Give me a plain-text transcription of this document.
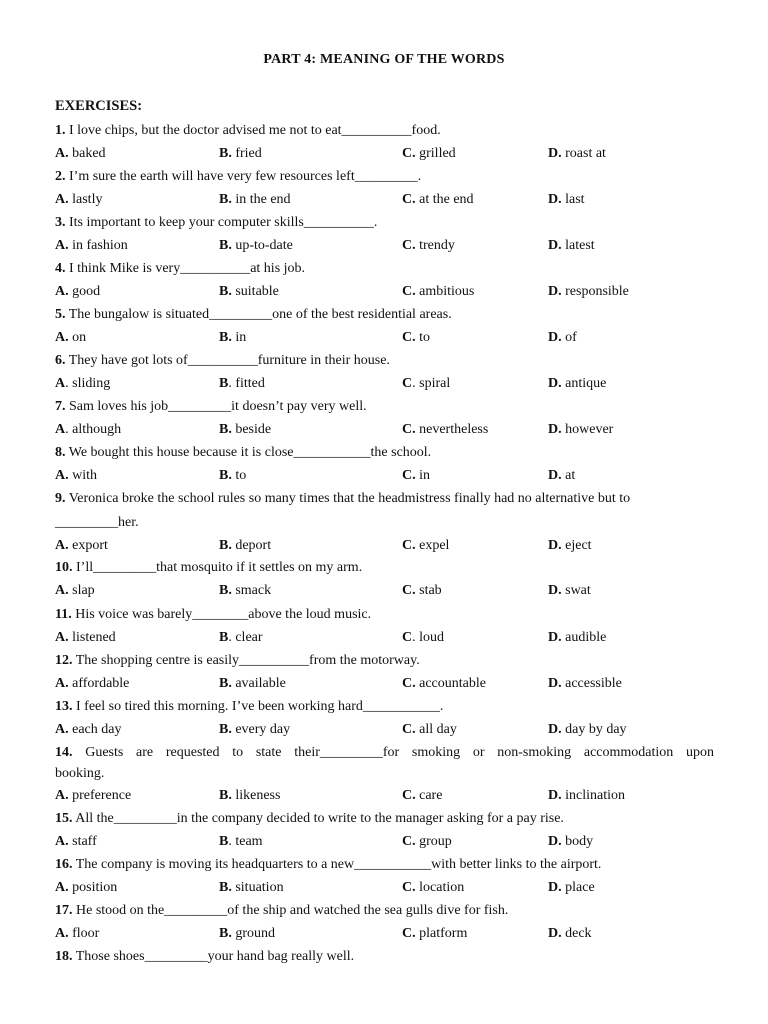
PART 4: MEANING OF THE WORDS
EXERCISES:
1. I love chips, but the doctor advised me not to eat__________food.
A. baked	B. fried	C. grilled	D. roast at
2. I’m sure the earth will have very few resources left_________.
A. lastly	B. in the end	C. at the end	D. last
3. Its important to keep your computer skills__________.
A. in fashion	B. up-to-date	C. trendy	D. latest
4. I think Mike is very__________at his job.
A. good	B. suitable	C. ambitious	D. responsible
5. The bungalow is situated_________one of the best residential areas.
A. on	B. in	C. to	D. of
6. They have got lots of__________furniture in their house.
A. sliding	B. fitted	C. spiral	D. antique
7. Sam loves his job_________it doesn’t pay very well.
A. although	B. beside	C. nevertheless	D. however
8. We bought this house because it is close___________the school.
A. with	B. to	C. in	D. at
9. Veronica broke the school rules so many times that the headmistress finally had no alternative but to
_________her.
A. export	B. deport	C. expel	D. eject
10. I’ll_________that mosquito if it settles on my arm.
A. slap	B. smack	C. stab	D. swat
11. His voice was barely________above the loud music.
A. listened	B. clear	C. loud	D. audible
12. The shopping centre is easily__________from the motorway.
A. affordable	B. available	C. accountable	D. accessible
13. I feel so tired this morning. I’ve been working hard___________.
A. each day	B. every day	C. all day	D. day by day
14. Guests are requested to state their_________for smoking or non-smoking accommodation upon
booking.
A. preference	B. likeness	C. care	D. inclination
15. All the_________in the company decided to write to the manager asking for a pay rise.
A. staff	B. team	C. group	D. body
16. The company is moving its headquarters to a new___________with better links to the airport.
A. position	B. situation	C. location	D. place
17. He stood on the_________of the ship and watched the sea gulls dive for fish.
A. floor	B. ground	C. platform	D. deck
18. Those shoes_________your hand bag really well.
